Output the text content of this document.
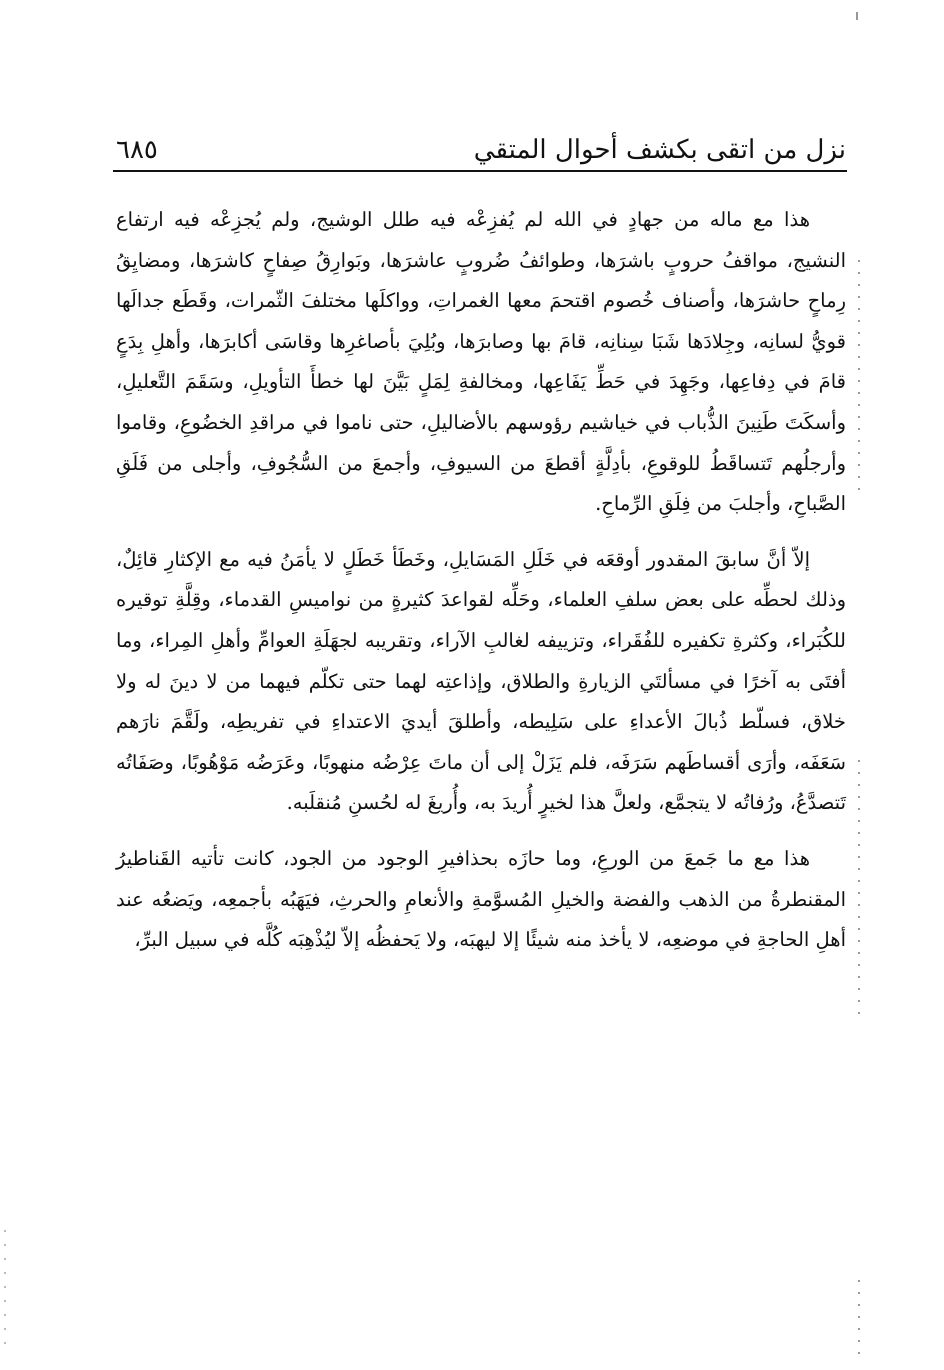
نزل من اتقى بكشف أحوال المتقي
٦٨٥

هذا مع ماله من جهادٍ في الله لم يُفزِعْه فيه طلل الوشيج، ولم يُجزِعْه فيه ارتفاع النشيج، مواقفُ حروبٍ باشرَها، وطوائفُ ضُروبٍ عاشرَها، وبَوارِقُ صِفاحٍ كاشرَها، ومضايِقُ رِماحٍ حاشرَها، وأصناف خُصوم اقتحمَ معها الغمراتِ، وواكلَها مختلفَ الثّمرات، وقَطَع جدالَها قويُّ لسانِه، وجِلادَها شَبَا سِنانِه، قامَ بها وصابرَها، وبُلِيَ بأصاغرِها وقاسَى أكابرَها، وأهلِ بِدَعٍ قامَ في دِفاعِها، وجَهِدَ في حَطِّ يَفَاعِها، ومخالفةِ لِمَلٍ بَيَّنَ لها خطأَ التأويلِ، وسَقَمَ التَّعليلِ، وأسكَتَ طَنِينَ الذُّباب في خياشيم رؤوسهم بالأضاليلِ، حتى ناموا في مراقدِ الخضُوعِ، وقاموا وأرجلُهم تَتساقَطُ للوقوعِ، بأدِلَّةٍ أقطعَ من السيوفِ، وأجمعَ من السُّجُوفِ، وأجلى من فَلَقِ الصَّباحِ، وأجلبَ من فِلَقِ الرِّماحِ.

إلاّ أنَّ سابقَ المقدور أوقعَه في خَلَلِ المَسَايلِ، وخَطَأ خَطَلٍ لا يأمَنُ فيه مع الإكثارِ قائِلٌ، وذلك لحطِّه على بعض سلفِ العلماء، وحَلِّه لقواعدَ كثيرةٍ من نواميسِ القدماء، وقِلَّةِ توقيره للكُبَراء، وكثرةِ تكفيره للفُقَراء، وتزييفه لغالبِ الآراء، وتقريبه لجهَلَةِ العوامِّ وأهلِ المِراء، وما أفتَى به آخرًا في مسألتَي الزيارةِ والطلاق، وإذاعتِه لهما حتى تكلّم فيهما من لا دينَ له ولا خلاق، فسلّط ذُبالَ الأعداءِ على سَلِيطه، وأطلقَ أيديَ الاعتداءِ في تفريطِه، ولَقَّمَ نارَهم سَعَفَه، وأرَى أقساطَهم سَرَفَه، فلم يَزَلْ إلى أن ماتَ عِرْضُه منهوبًا، وعَرَضُه مَوْهُوبًا، وصَفَاتُه تَتصدَّعُ، ورُفاتُه لا يتجمَّع، ولعلَّ هذا لخيرٍ أُريدَ به، وأُريغَ له لحُسنِ مُنقلَبه.

هذا مع ما جَمعَ من الورعِ، وما حازَه بحذافيرِ الوجود من الجود، كانت تأتيه القَناطيرُ المقنطرةُ من الذهب والفضة والخيلِ المُسوَّمةِ والأنعامِ والحرثِ، فيَهَبُه بأجمعِه، ويَضعُه عند أهلِ الحاجةِ في موضعِه، لا يأخذ منه شيئًا إلا ليهبَه، ولا يَحفظُه إلاّ ليُذْهِبَه كُلَّه في سبيل البرِّ،
